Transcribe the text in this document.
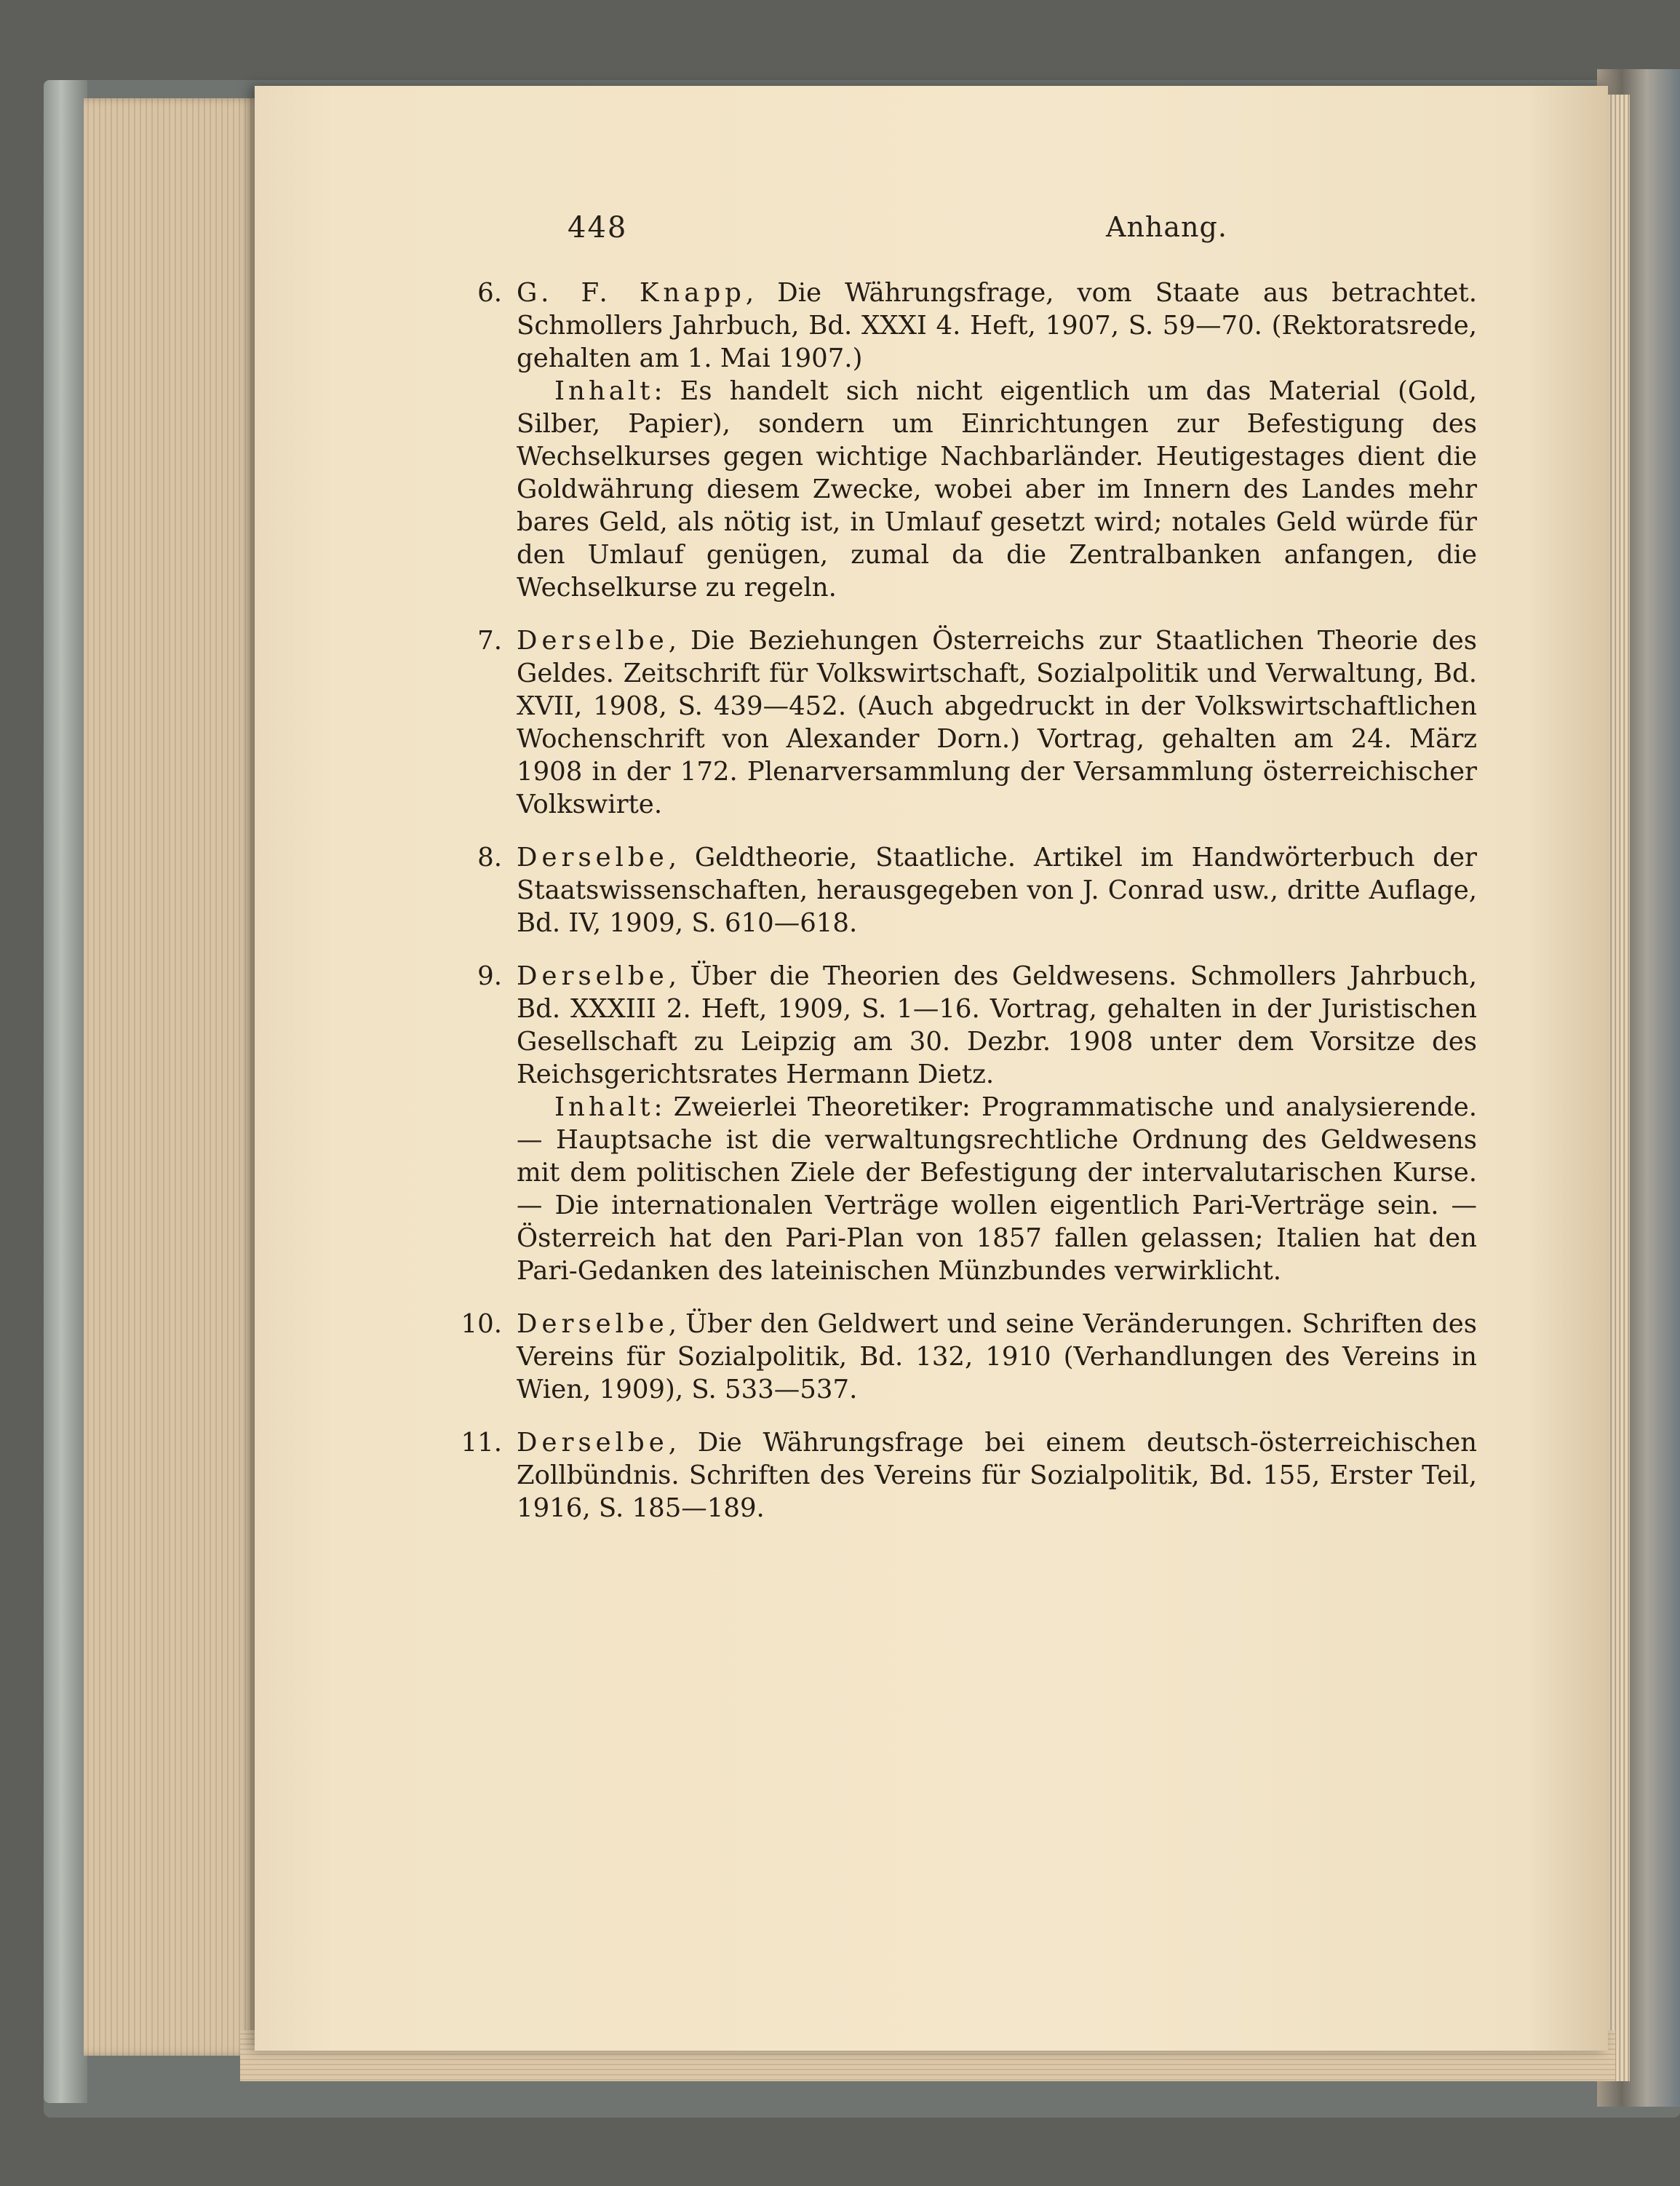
448	Anhang.
6. G. F. Knapp, Die Währungsfrage, vom Staate aus betrachtet. Schmollers Jahrbuch, Bd. XXXI 4. Heft, 1907, S. 59—70. (Rektoratsrede, gehalten am 1. Mai 1907.)
Inhalt: Es handelt sich nicht eigentlich um das Material (Gold, Silber, Papier), sondern um Einrichtungen zur Befestigung des Wechselkurses gegen wichtige Nachbarländer. Heutigestages dient die Goldwährung diesem Zwecke, wobei aber im Innern des Landes mehr bares Geld, als nötig ist, in Umlauf gesetzt wird; notales Geld würde für den Umlauf genügen, zumal da die Zentralbanken anfangen, die Wechselkurse zu regeln.
7. Derselbe, Die Beziehungen Österreichs zur Staatlichen Theorie des Geldes. Zeitschrift für Volkswirtschaft, Sozialpolitik und Verwaltung, Bd. XVII, 1908, S. 439—452. (Auch abgedruckt in der Volkswirtschaftlichen Wochenschrift von Alexander Dorn.) Vortrag, gehalten am 24. März 1908 in der 172. Plenarversammlung der Versammlung österreichischer Volkswirte.
8. Derselbe, Geldtheorie, Staatliche. Artikel im Handwörterbuch der Staatswissenschaften, herausgegeben von J. Conrad usw., dritte Auflage, Bd. IV, 1909, S. 610—618.
9. Derselbe, Über die Theorien des Geldwesens. Schmollers Jahrbuch, Bd. XXXIII 2. Heft, 1909, S. 1—16. Vortrag, gehalten in der Juristischen Gesellschaft zu Leipzig am 30. Dezbr. 1908 unter dem Vorsitze des Reichsgerichtsrates Hermann Dietz.
Inhalt: Zweierlei Theoretiker: Programmatische und analysierende. — Hauptsache ist die verwaltungsrechtliche Ordnung des Geldwesens mit dem politischen Ziele der Befestigung der intervalutarischen Kurse. — Die internationalen Verträge wollen eigentlich Pari-Verträge sein. — Österreich hat den Pari-Plan von 1857 fallen gelassen; Italien hat den Pari-Gedanken des lateinischen Münzbundes verwirklicht.
10. Derselbe, Über den Geldwert und seine Veränderungen. Schriften des Vereins für Sozialpolitik, Bd. 132, 1910 (Verhandlungen des Vereins in Wien, 1909), S. 533—537.
11. Derselbe, Die Währungsfrage bei einem deutsch-österreichischen Zollbündnis. Schriften des Vereins für Sozialpolitik, Bd. 155, Erster Teil, 1916, S. 185—189.
